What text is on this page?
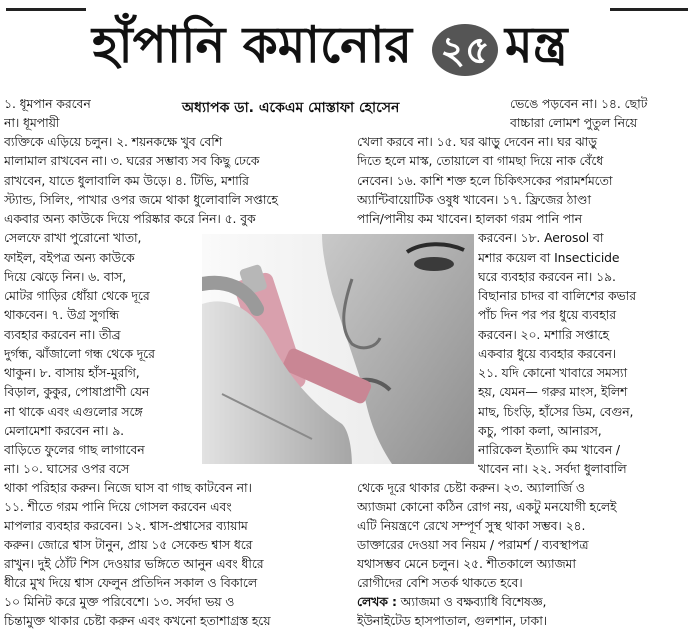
হাঁপানি কমানোর ২৫ মন্ত্র
অধ্যাপক ডা. একেএম মোস্তাফা হোসেন
১. ধূমপান করবেন
না। ধূমপায়ী
ব্যক্তিকে এড়িয়ে চলুন। ২. শয়নকক্ষে খুব বেশি
মালামাল রাখবেন না। ৩. ঘরের সম্ভাব্য সব কিছু ঢেকে
রাখবেন, যাতে ধুলাবালি কম উড়ে। ৪. টিভি, মশারি
স্ট্যান্ড, সিলিং, পাখার ওপর জমে থাকা ধুলোবালি সপ্তাহে
একবার অন্য কাউকে দিয়ে পরিষ্কার করে নিন। ৫. বুক
সেলফে রাখা পুরোনো খাতা,
ফাইল, বইপত্র অন্য কাউকে
দিয়ে ঝেড়ে নিন। ৬. বাস,
মোটর গাড়ির ধোঁয়া থেকে দূরে
থাকবেন। ৭. উগ্র সুগন্ধি
ব্যবহার করবেন না। তীব্র
দুর্গন্ধ, ঝাঁজালো গন্ধ থেকে দূরে
থাকুন। ৮. বাসায় হাঁস-মুরগি,
বিড়াল, কুকুর, পোষাপ্রাণী যেন
না থাকে এবং এগুলোর সঙ্গে
মেলামেশা করবেন না। ৯.
বাড়িতে ফুলের গাছ লাগাবেন
না। ১০. ঘাসের ওপর বসে
থাকা পরিহার করুন। নিজে ঘাস বা গাছ কাটবেন না।
১১. শীতে গরম পানি দিয়ে গোসল করবেন এবং
মাপলার ব্যবহার করবেন। ১২. শ্বাস-প্রশ্বাসের ব্যায়াম
করুন। জোরে শ্বাস টানুন, প্রায় ১৫ সেকেন্ড শ্বাস ধরে
রাখুন। দুই ঠোঁট শিস দেওয়ার ভঙ্গিতে আনুন এবং ধীরে
ধীরে মুখ দিয়ে শ্বাস ফেলুন প্রতিদিন সকাল ও বিকালে
১০ মিনিট করে মুক্ত পরিবেশে। ১৩. সর্বদা ভয় ও
চিন্তামুক্ত থাকার চেষ্টা করুন এবং কখনো হতাশাগ্রস্ত হয়ে
ভেঙে পড়বেন না। ১৪. ছোট
বাচ্চারা লোমশ পুতুল নিয়ে
খেলা করবে না। ১৫. ঘর ঝাড়ু দেবেন না। ঘর ঝাড়ু
দিতে হলে মাস্ক, তোয়ালে বা গামছা দিয়ে নাক বেঁধে
নেবেন। ১৬. কাশি শক্ত হলে চিকিৎসকের পরামর্শমতো
অ্যান্টিবায়োটিক ওষুধ খাবেন। ১৭. ফ্রিজের ঠাণ্ডা
পানি/পানীয় কম খাবেন। হালকা গরম পানি পান
করবেন। ১৮. Aerosol বা
মশার কয়েল বা Insecticide
ঘরে ব্যবহার করবেন না। ১৯.
বিছানার চাদর বা বালিশের কভার
পাঁচ দিন পর পর ধুয়ে ব্যবহার
করবেন। ২০. মশারি সপ্তাহে
একবার ধুয়ে ব্যবহার করবেন।
২১. যদি কোনো খাবারে সমস্যা
হয়, যেমন— গরুর মাংস, ইলিশ
মাছ, চিংড়ি, হাঁসের ডিম, বেগুন,
কচু, পাকা কলা, আনারস,
নারিকেল ইত্যাদি কম খাবেন /
খাবেন না। ২২. সর্বদা ধুলাবালি
থেকে দূরে থাকার চেষ্টা করুন। ২৩. অ্যালার্জি ও
অ্যাজমা কোনো কঠিন রোগ নয়, একটু মনযোগী হলেই
এটি নিয়ন্ত্রণে রেখে সম্পূর্ণ সুস্থ থাকা সম্ভব। ২৪.
ডাক্তারের দেওয়া সব নিয়ম / পরামর্শ / ব্যবস্থাপত্র
যথাসম্ভব মেনে চলুন। ২৫. শীতকালে অ্যাজমা
রোগীদের বেশি সতর্ক থাকতে হবে।
লেখক : অ্যাজমা ও বক্ষব্যাধি বিশেষজ্ঞ,
ইউনাইটেড হাসপাতাল, গুলশান, ঢাকা।
